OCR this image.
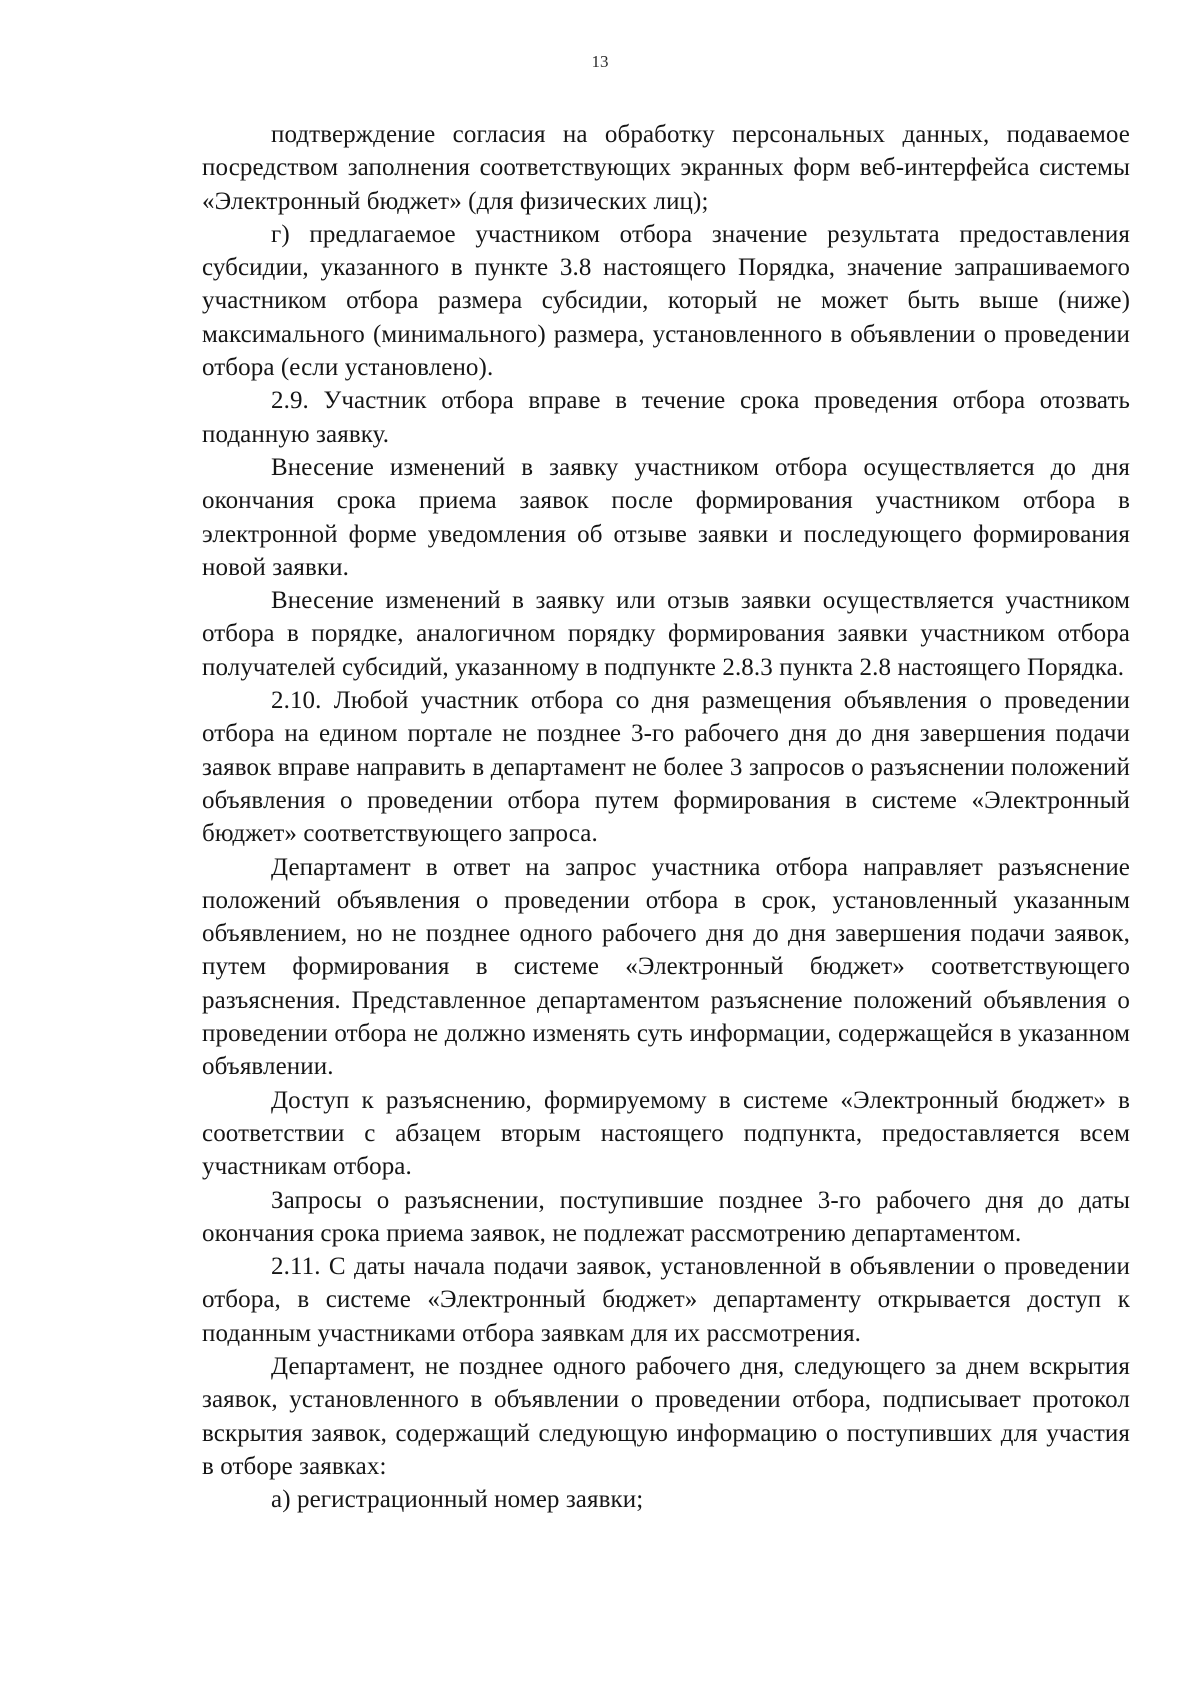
13

подтверждение согласия на обработку персональных данных, подаваемое посредством заполнения соответствующих экранных форм веб-интерфейса системы «Электронный бюджет» (для физических лиц);

г) предлагаемое участником отбора значение результата предоставления субсидии, указанного в пункте 3.8 настоящего Порядка, значение запрашиваемого участником отбора размера субсидии, который не может быть выше (ниже) максимального (минимального) размера, установленного в объявлении о проведении отбора (если установлено).

2.9. Участник отбора вправе в течение срока проведения отбора отозвать поданную заявку.

Внесение изменений в заявку участником отбора осуществляется до дня окончания срока приема заявок после формирования участником отбора в электронной форме уведомления об отзыве заявки и последующего формирования новой заявки.

Внесение изменений в заявку или отзыв заявки осуществляется участником отбора в порядке, аналогичном порядку формирования заявки участником отбора получателей субсидий, указанному в подпункте 2.8.3 пункта 2.8 настоящего Порядка.

2.10. Любой участник отбора со дня размещения объявления о проведении отбора на едином портале не позднее 3-го рабочего дня до дня завершения подачи заявок вправе направить в департамент не более 3 запросов о разъяснении положений объявления о проведении отбора путем формирования в системе «Электронный бюджет» соответствующего запроса.

Департамент в ответ на запрос участника отбора направляет разъяснение положений объявления о проведении отбора в срок, установленный указанным объявлением, но не позднее одного рабочего дня до дня завершения подачи заявок, путем формирования в системе «Электронный бюджет» соответствующего разъяснения. Представленное департаментом разъяснение положений объявления о проведении отбора не должно изменять суть информации, содержащейся в указанном объявлении.

Доступ к разъяснению, формируемому в системе «Электронный бюджет» в соответствии с абзацем вторым настоящего подпункта, предоставляется всем участникам отбора.

Запросы о разъяснении, поступившие позднее 3-го рабочего дня до даты окончания срока приема заявок, не подлежат рассмотрению департаментом.

2.11. С даты начала подачи заявок, установленной в объявлении о проведении отбора, в системе «Электронный бюджет» департаменту открывается доступ к поданным участниками отбора заявкам для их рассмотрения.

Департамент, не позднее одного рабочего дня, следующего за днем вскрытия заявок, установленного в объявлении о проведении отбора, подписывает протокол вскрытия заявок, содержащий следующую информацию о поступивших для участия в отборе заявках:

а) регистрационный номер заявки;
